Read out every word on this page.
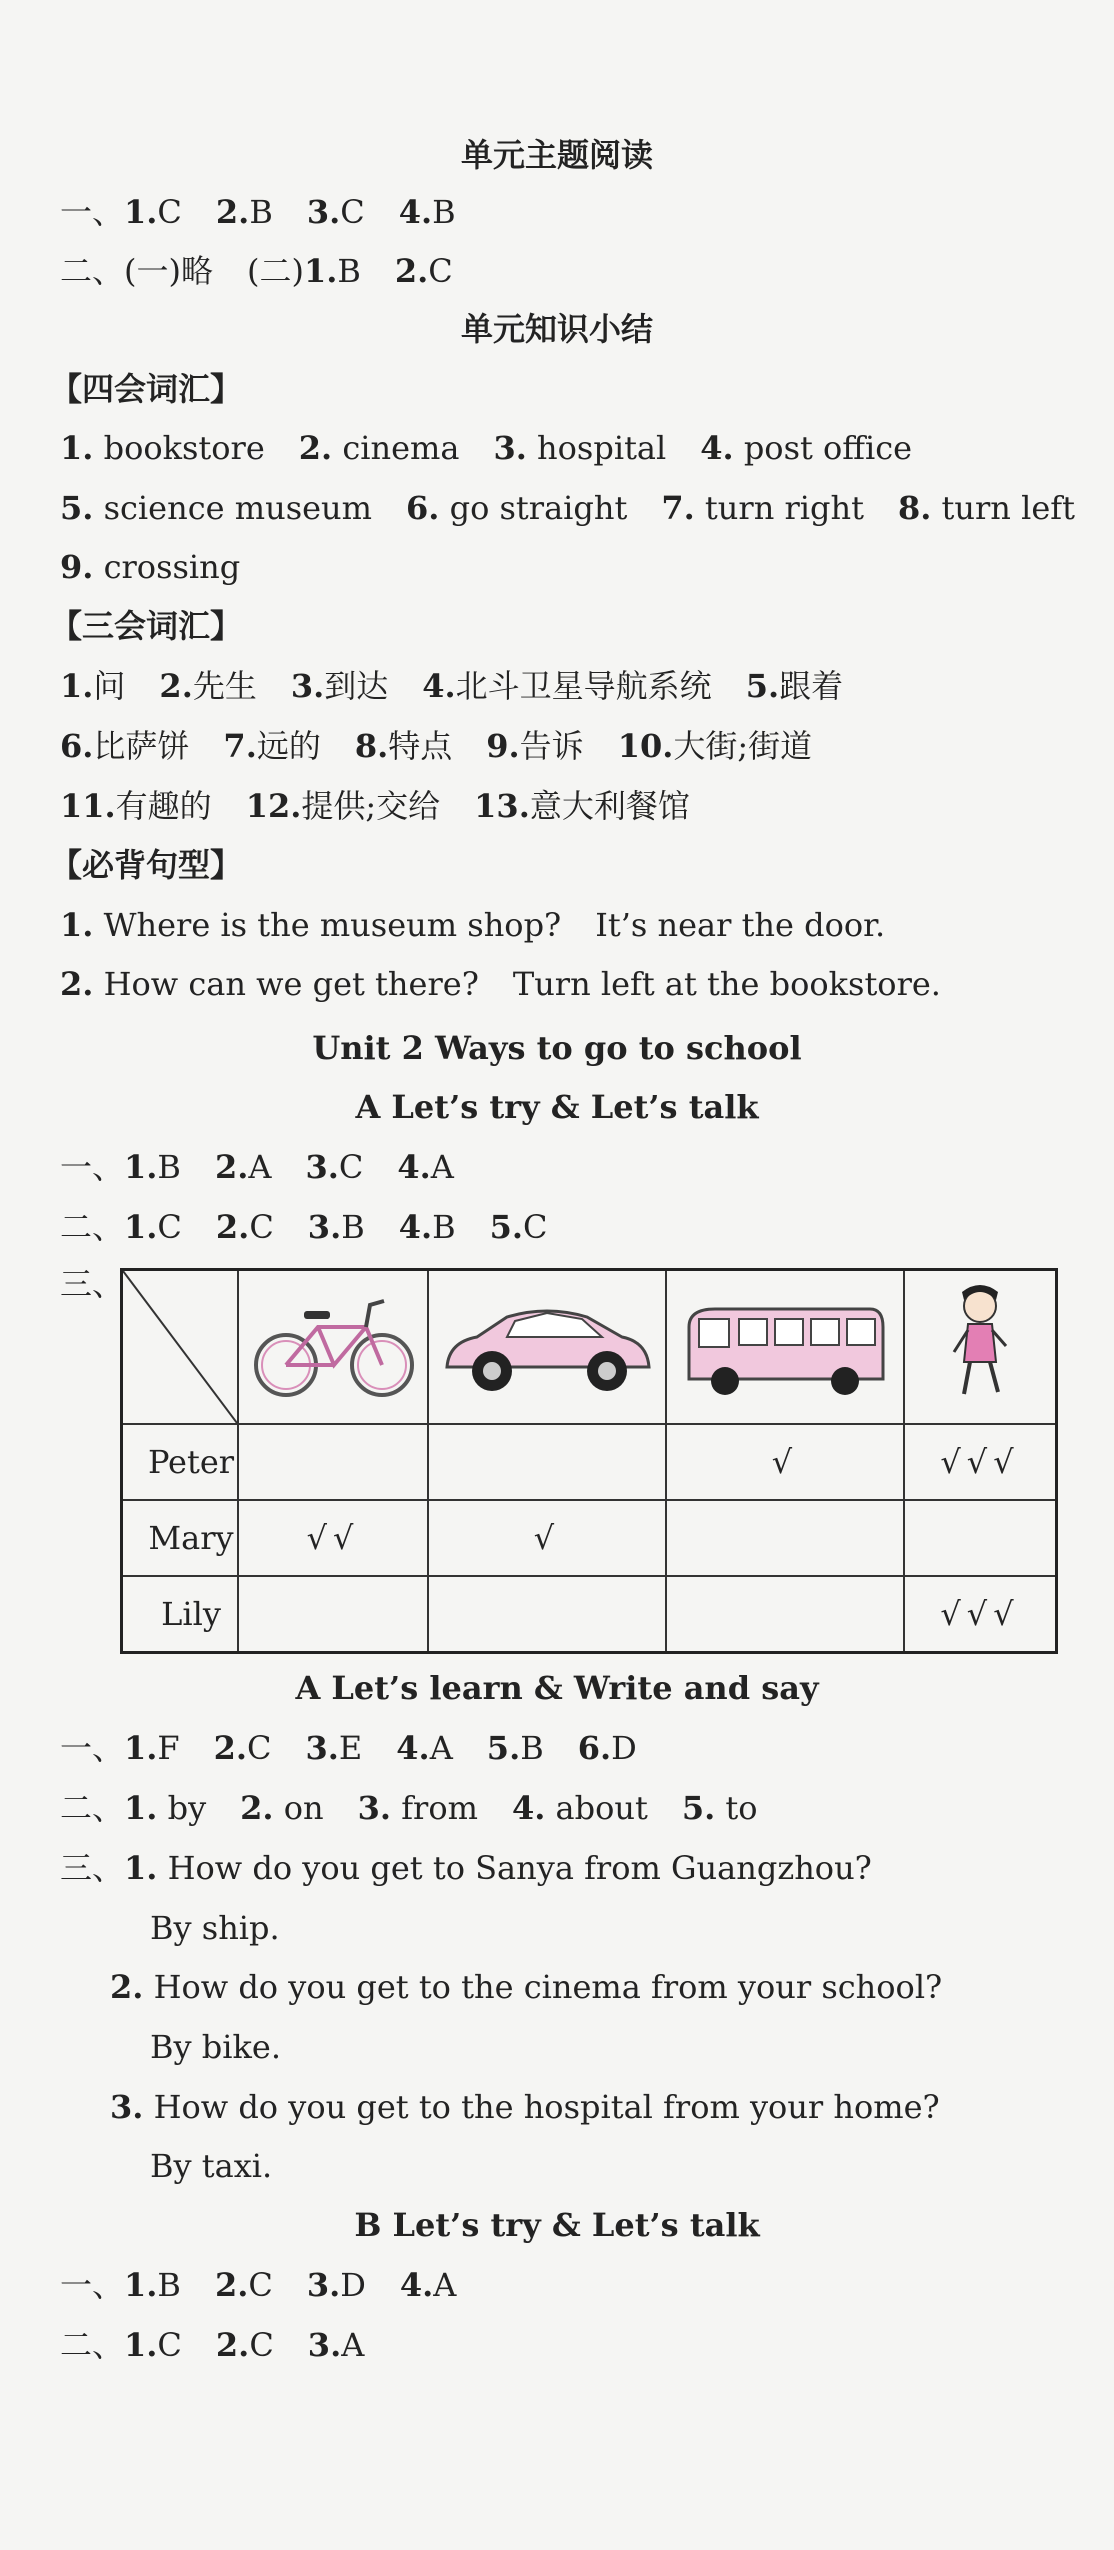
单元主题阅读
一、1.C 2.B 3.C 4.B
二、(一)略 (二)1.B 2.C
单元知识小结
【四会词汇】
1. bookstore 2. cinema 3. hospital 4. post office
5. science museum 6. go straight 7. turn right 8. turn left
9. crossing
【三会词汇】
1.问 2.先生 3.到达 4.北斗卫星导航系统 5.跟着
6.比萨饼 7.远的 8.特点 9.告诉 10.大街;街道
11.有趣的 12.提供;交给 13.意大利餐馆
【必背句型】
1. Where is the museum shop? It’s near the door.
2. How can we get there? Turn left at the bookstore.
Unit 2 Ways to go to school
A Let’s try & Let’s talk
一、1.B 2.A 3.C 4.A
二、1.C 2.C 3.B 4.B 5.C
三、

Peter			√	√√√
Mary	√√	√		
Lily				√√√
A Let’s learn & Write and say
一、1.F 2.C 3.E 4.A 5.B 6.D
二、1. by 2. on 3. from 4. about 5. to
三、1. How do you get to Sanya from Guangzhou?
By ship.
2. How do you get to the cinema from your school?
By bike.
3. How do you get to the hospital from your home?
By taxi.
B Let’s try & Let’s talk
一、1.B 2.C 3.D 4.A
二、1.C 2.C 3.A
